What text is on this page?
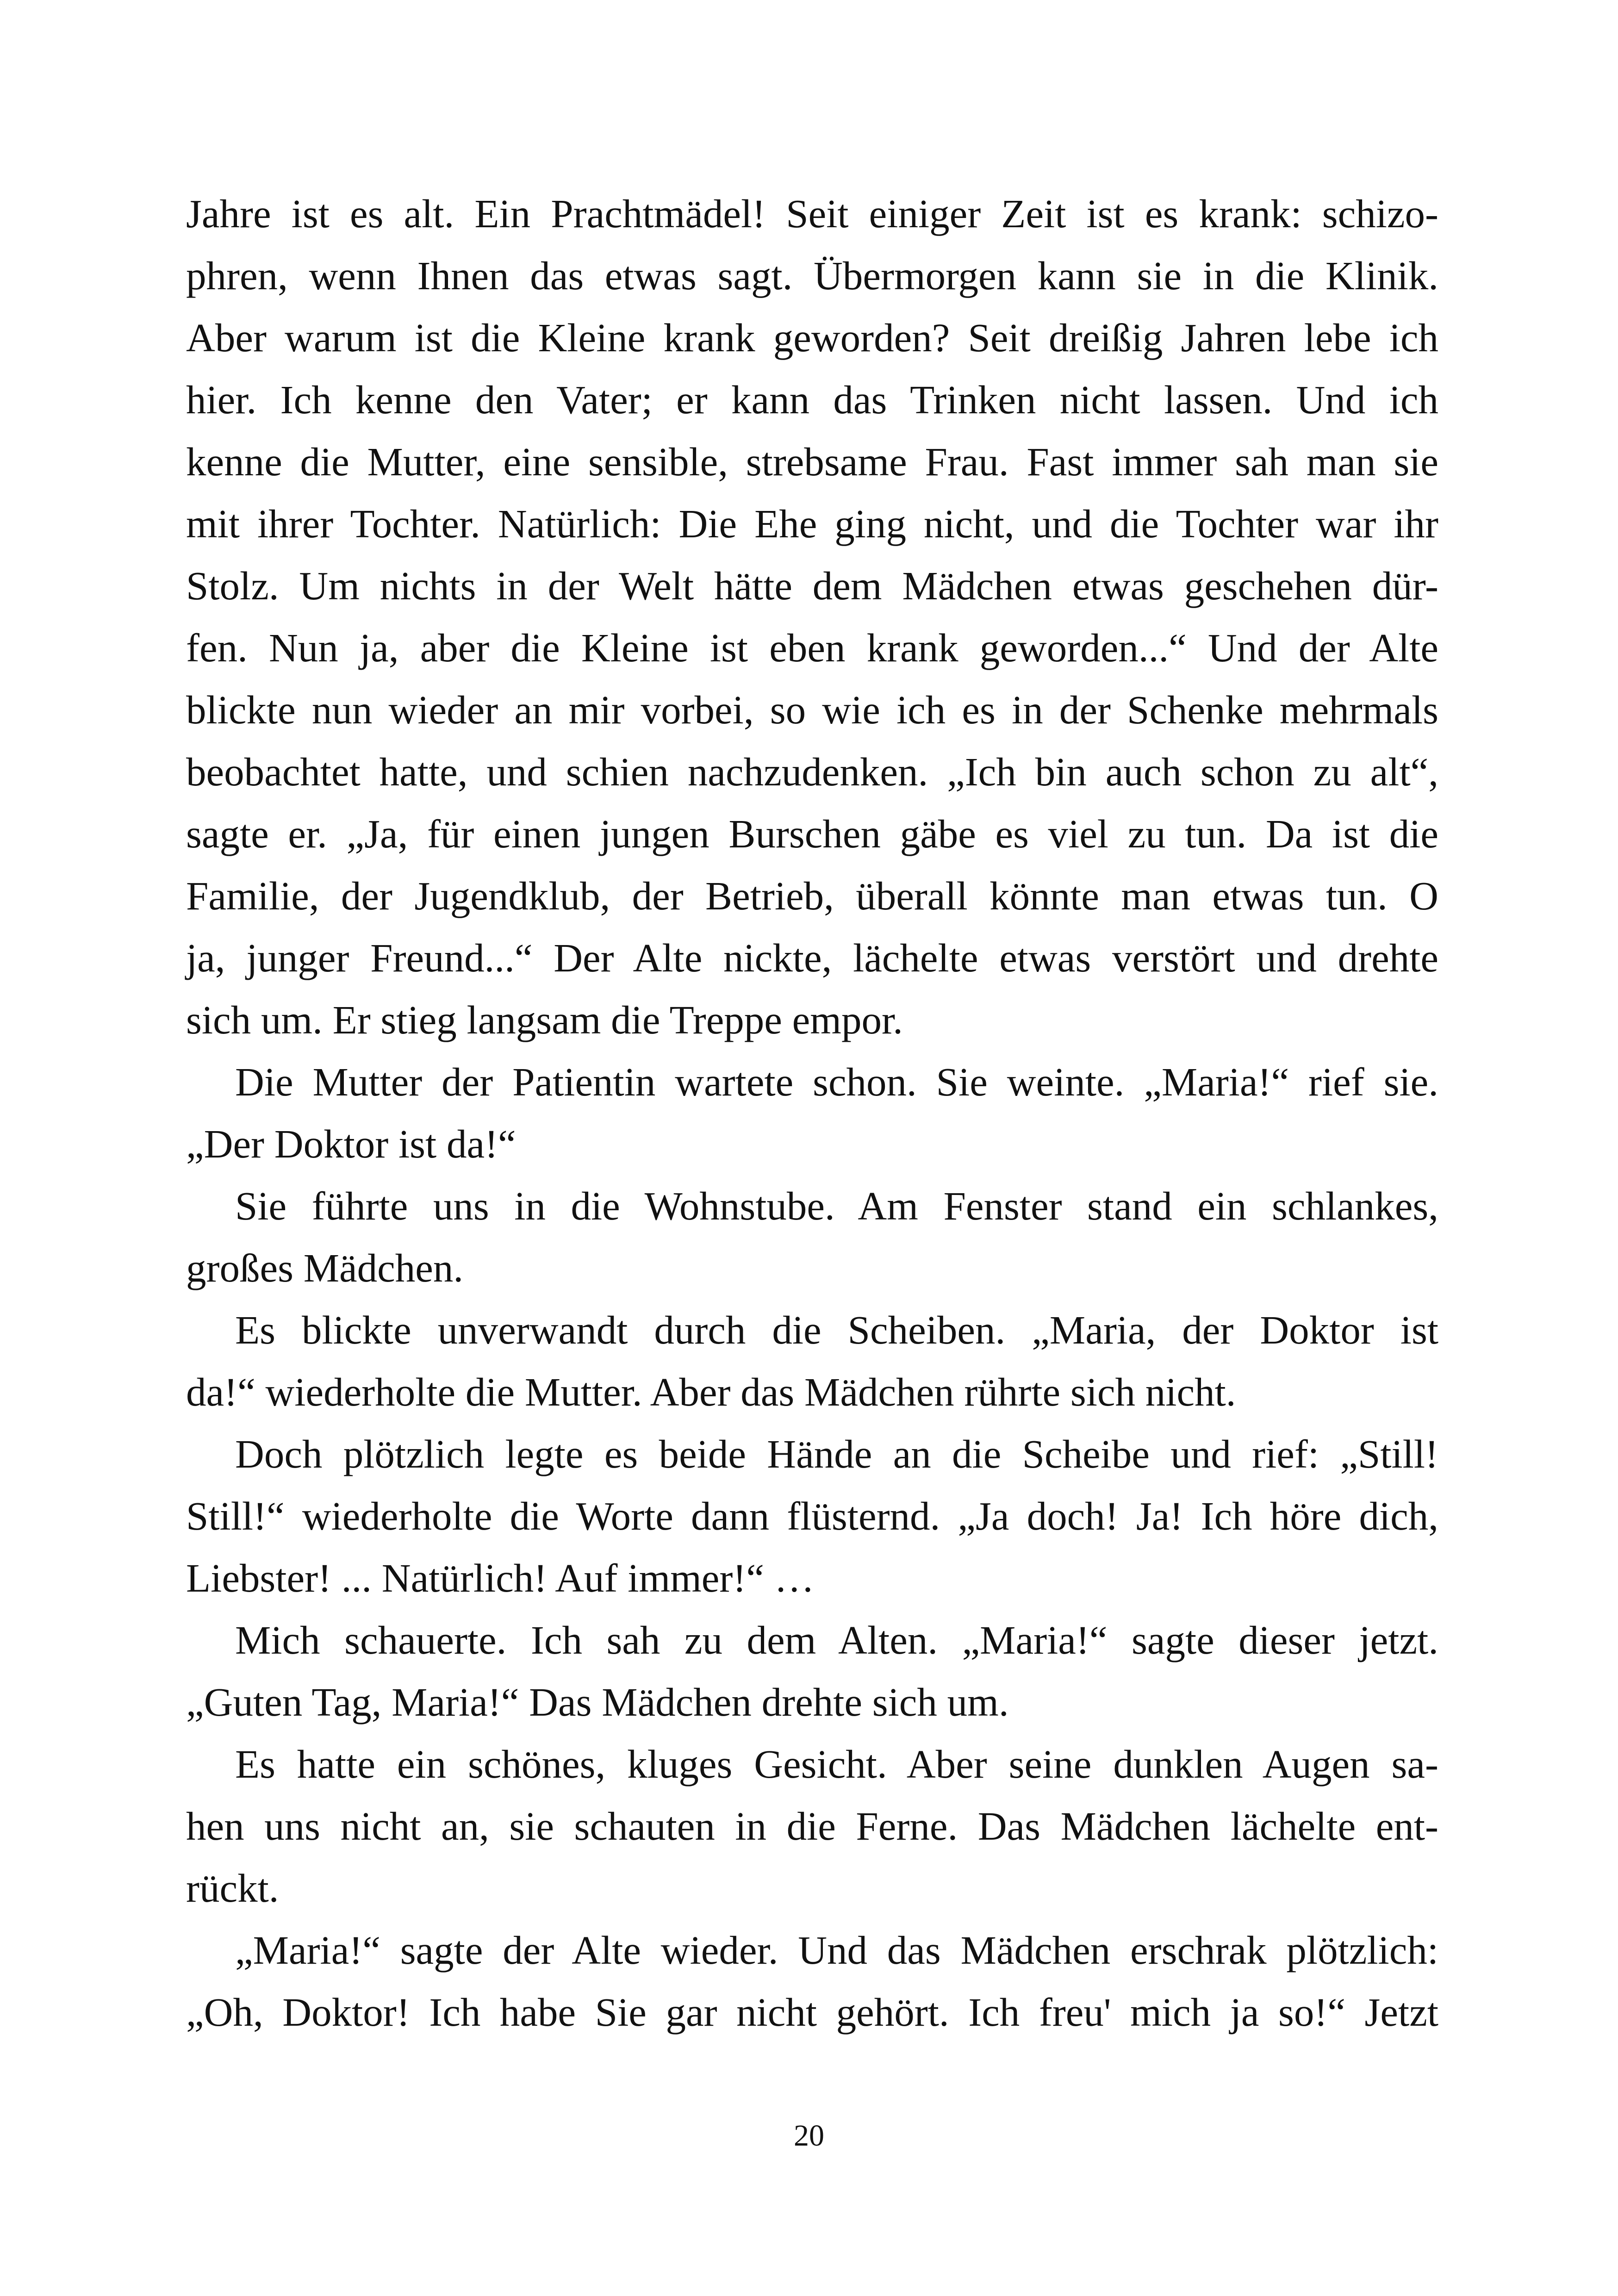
Jahre ist es alt. Ein Prachtmädel! Seit einiger Zeit ist es krank: schizo-
phren, wenn Ihnen das etwas sagt. Übermorgen kann sie in die Klinik.
Aber warum ist die Kleine krank geworden? Seit dreißig Jahren lebe ich
hier. Ich kenne den Vater; er kann das Trinken nicht lassen. Und ich
kenne die Mutter, eine sensible, strebsame Frau. Fast immer sah man sie
mit ihrer Tochter. Natürlich: Die Ehe ging nicht, und die Tochter war ihr
Stolz. Um nichts in der Welt hätte dem Mädchen etwas geschehen dür-
fen. Nun ja, aber die Kleine ist eben krank geworden...“ Und der Alte
blickte nun wieder an mir vorbei, so wie ich es in der Schenke mehrmals
beobachtet hatte, und schien nachzudenken. „Ich bin auch schon zu alt“,
sagte er. „Ja, für einen jungen Burschen gäbe es viel zu tun. Da ist die
Familie, der Jugendklub, der Betrieb, überall könnte man etwas tun. O
ja, junger Freund...“ Der Alte nickte, lächelte etwas verstört und drehte
sich um. Er stieg langsam die Treppe empor.
Die Mutter der Patientin wartete schon. Sie weinte. „Maria!“ rief sie.
„Der Doktor ist da!“
Sie führte uns in die Wohnstube. Am Fenster stand ein schlankes,
großes Mädchen.
Es blickte unverwandt durch die Scheiben. „Maria, der Doktor ist
da!“ wiederholte die Mutter. Aber das Mädchen rührte sich nicht.
Doch plötzlich legte es beide Hände an die Scheibe und rief: „Still!
Still!“ wiederholte die Worte dann flüsternd. „Ja doch! Ja! Ich höre dich,
Liebster! ... Natürlich! Auf immer!“ …
Mich schauerte. Ich sah zu dem Alten. „Maria!“ sagte dieser jetzt.
„Guten Tag, Maria!“ Das Mädchen drehte sich um.
Es hatte ein schönes, kluges Gesicht. Aber seine dunklen Augen sa-
hen uns nicht an, sie schauten in die Ferne. Das Mädchen lächelte ent-
rückt.
„Maria!“ sagte der Alte wieder. Und das Mädchen erschrak plötzlich:
„Oh, Doktor! Ich habe Sie gar nicht gehört. Ich freu' mich ja so!“ Jetzt
20
